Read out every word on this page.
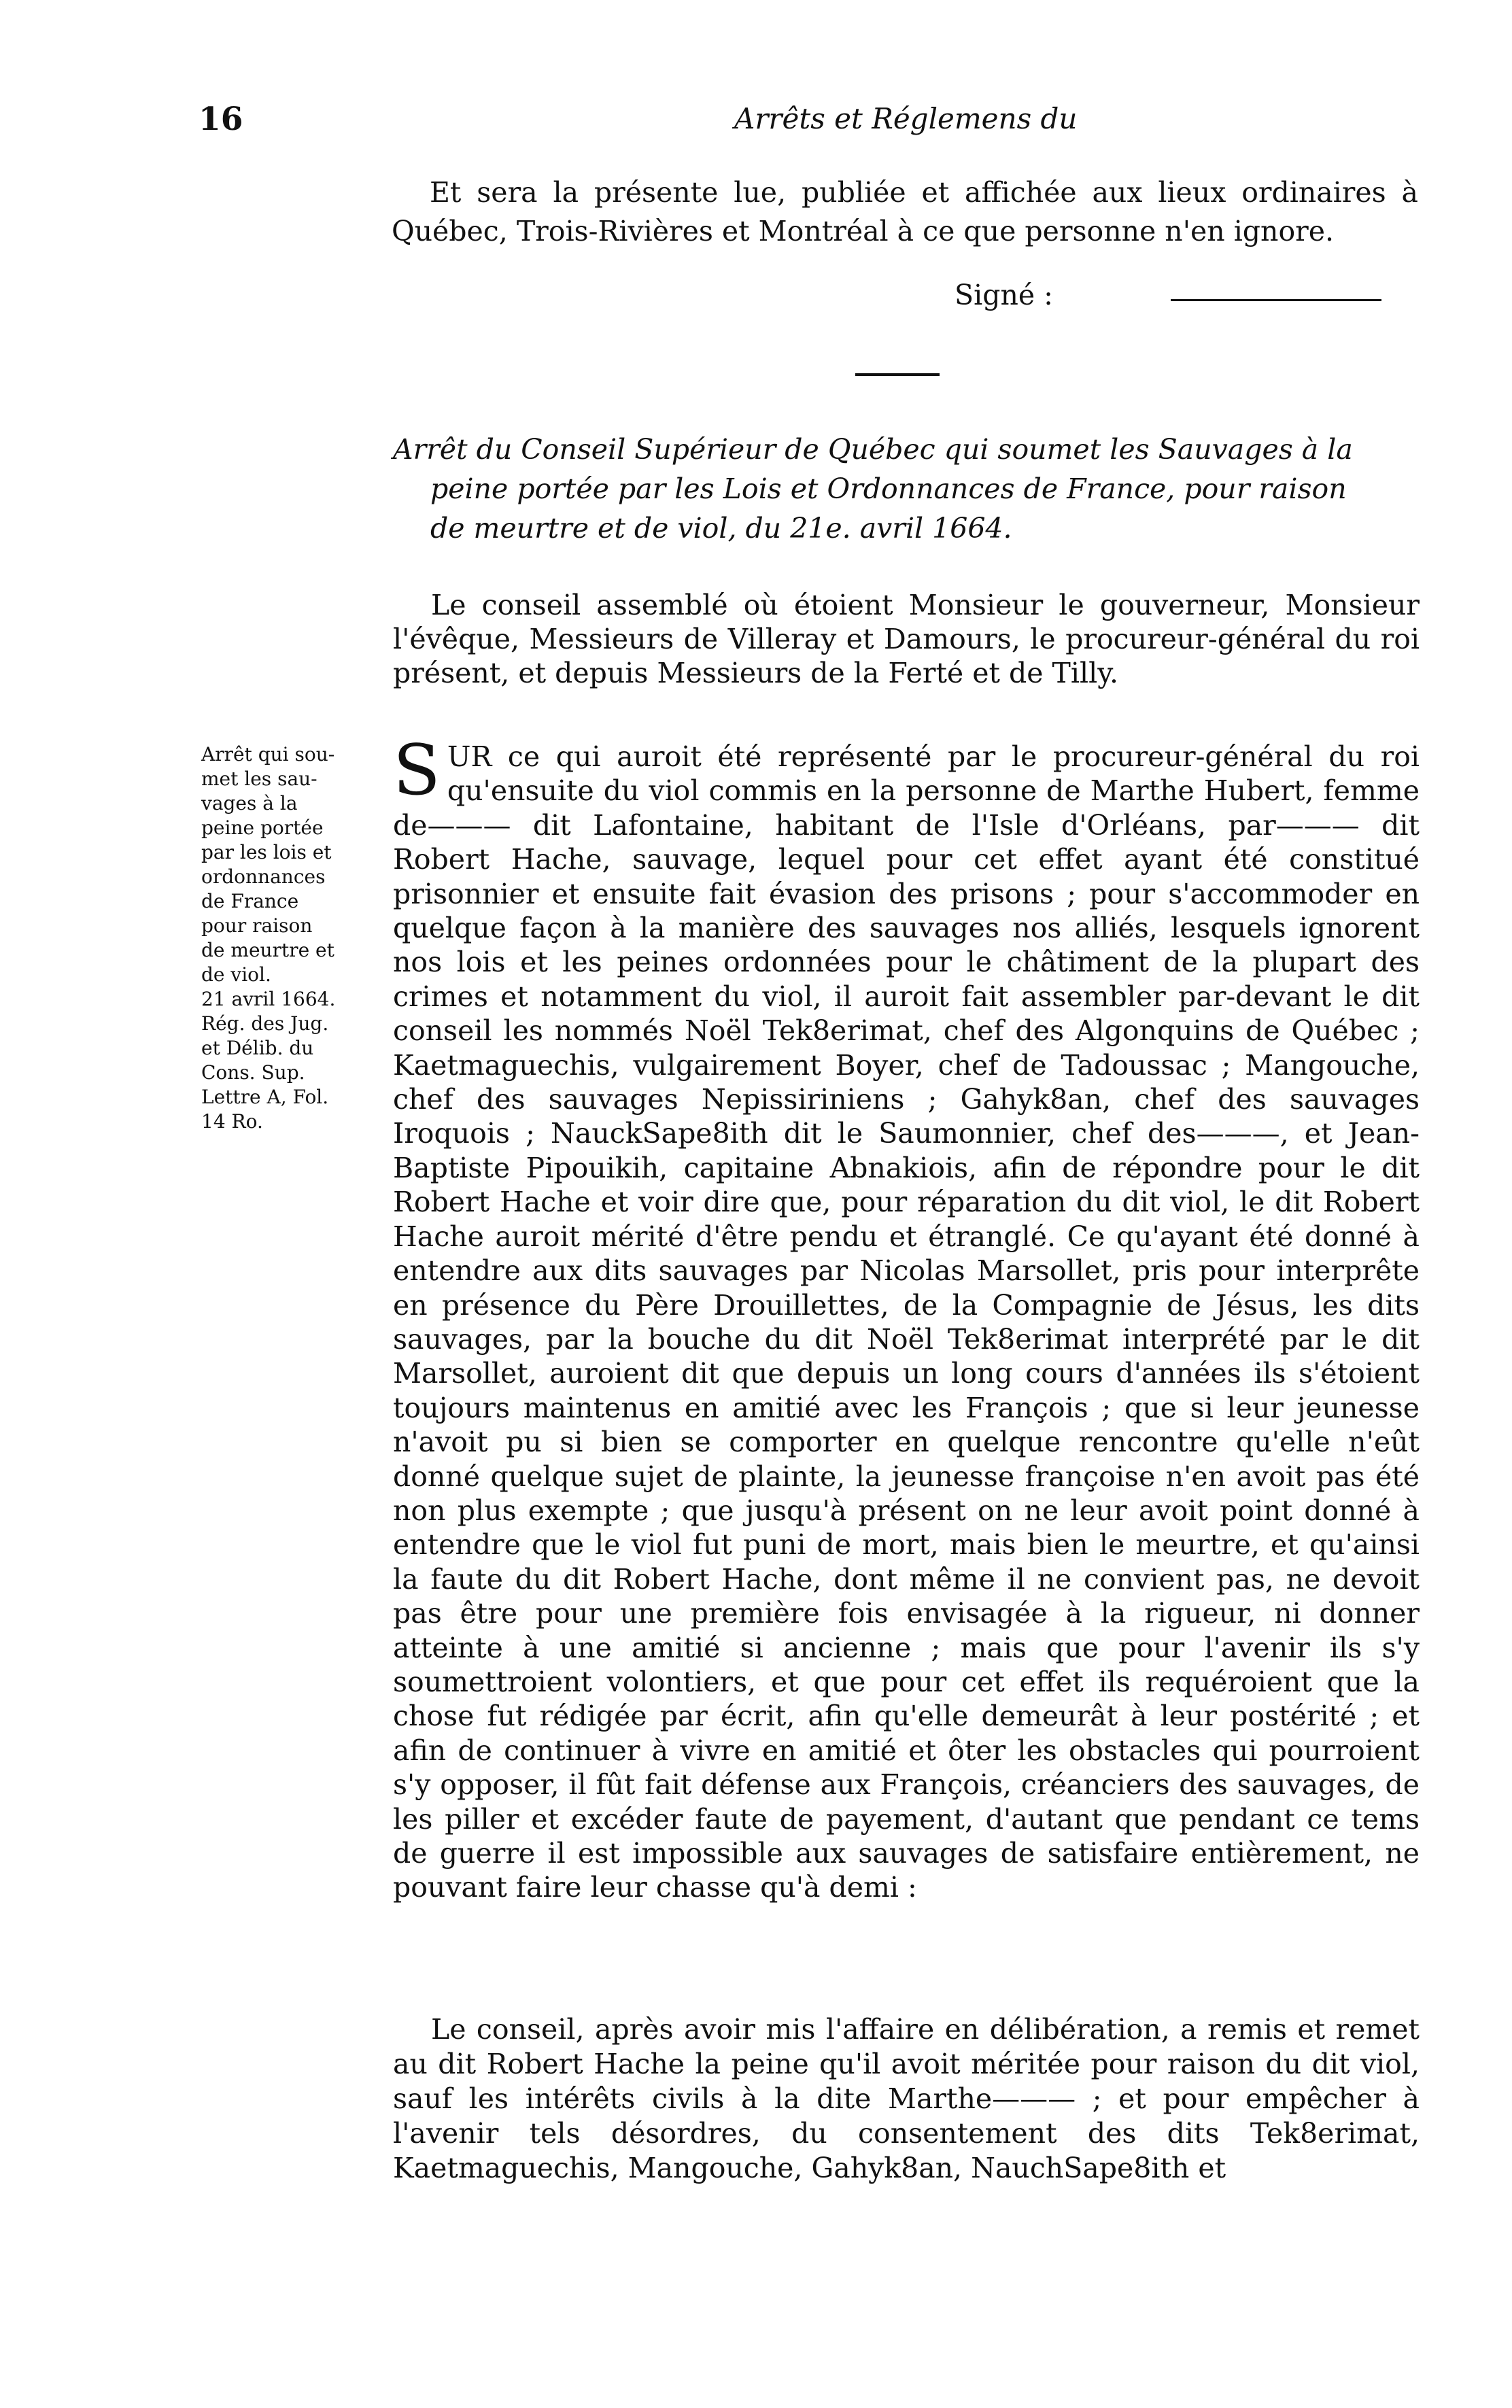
16	Arrêts et Réglemens du

Et sera la présente lue, publiée et affichée aux lieux ordinaires à Québec, Trois-Rivières et Montréal à ce que personne n'en ignore.

Signé :
Arrêt du Conseil Supérieur de Québec qui soumet les Sauvages à la
peine portée par les Lois et Ordonnances de France, pour raison
de meurtre et de viol, du 21e. avril 1664.

Le conseil assemblé où étoient Monsieur le gouverneur, Monsieur l'évêque, Messieurs de Villeray et Damours, le procureur-général du roi présent, et depuis Messieurs de la Ferté et de Tilly.

Arrêt qui sou-
met les sau-
vages à la
peine portée
par les lois et
ordonnances
de France
pour raison
de meurtre et
de viol.
21 avril 1664.
Rég. des Jug.
et Délib. du
Cons. Sup.
Lettre A, Fol.
14 Ro.
SUR ce qui auroit été représenté par le procureur-général du roi qu'ensuite du viol commis en la personne de Marthe Hubert, femme de——— dit Lafontaine, habitant de l'Isle d'Orléans, par——— dit Robert Hache, sauvage, lequel pour cet effet ayant été constitué prisonnier et ensuite fait évasion des prisons ; pour s'accommoder en quelque façon à la manière des sauvages nos alliés, lesquels ignorent nos lois et les peines ordonnées pour le châtiment de la plupart des crimes et notamment du viol, il auroit fait assembler par-devant le dit conseil les nommés Noël Tek8erimat, chef des Algonquins de Québec ; Kaetmaguechis, vulgairement Boyer, chef de Tadoussac ; Mangouche, chef des sauvages Nepissiriniens ; Gahyk8an, chef des sauvages Iroquois ; NauckSape8ith dit le Saumonnier, chef des———, et Jean-Baptiste Pipouikih, capitaine Abnakiois, afin de répondre pour le dit Robert Hache et voir dire que, pour réparation du dit viol, le dit Robert Hache auroit mérité d'être pendu et étranglé. Ce qu'ayant été donné à entendre aux dits sauvages par Nicolas Marsollet, pris pour interprête en présence du Père Drouillettes, de la Compagnie de Jésus, les dits sauvages, par la bouche du dit Noël Tek8erimat interprété par le dit Marsollet, auroient dit que depuis un long cours d'années ils s'étoient toujours maintenus en amitié avec les François ; que si leur jeunesse n'avoit pu si bien se comporter en quelque rencontre qu'elle n'eût donné quelque sujet de plainte, la jeunesse françoise n'en avoit pas été non plus exempte ; que jusqu'à présent on ne leur avoit point donné à entendre que le viol fut puni de mort, mais bien le meurtre, et qu'ainsi la faute du dit Robert Hache, dont même il ne convient pas, ne devoit pas être pour une première fois envisagée à la rigueur, ni donner atteinte à une amitié si ancienne ; mais que pour l'avenir ils s'y soumettroient volontiers, et que pour cet effet ils requéroient que la chose fut rédigée par écrit, afin qu'elle demeurât à leur postérité ; et afin de continuer à vivre en amitié et ôter les obstacles qui pourroient s'y opposer, il fût fait défense aux François, créanciers des sauvages, de les piller et excéder faute de payement, d'autant que pendant ce tems de guerre il est impossible aux sauvages de satisfaire entièrement, ne pouvant faire leur chasse qu'à demi :

Le conseil, après avoir mis l'affaire en délibération, a remis et remet au dit Robert Hache la peine qu'il avoit méritée pour raison du dit viol, sauf les intérêts civils à la dite Marthe——— ; et pour empêcher à l'avenir tels désordres, du consentement des dits Tek8erimat, Kaetmaguechis, Mangouche, Gahyk8an, NauchSape8ith et
